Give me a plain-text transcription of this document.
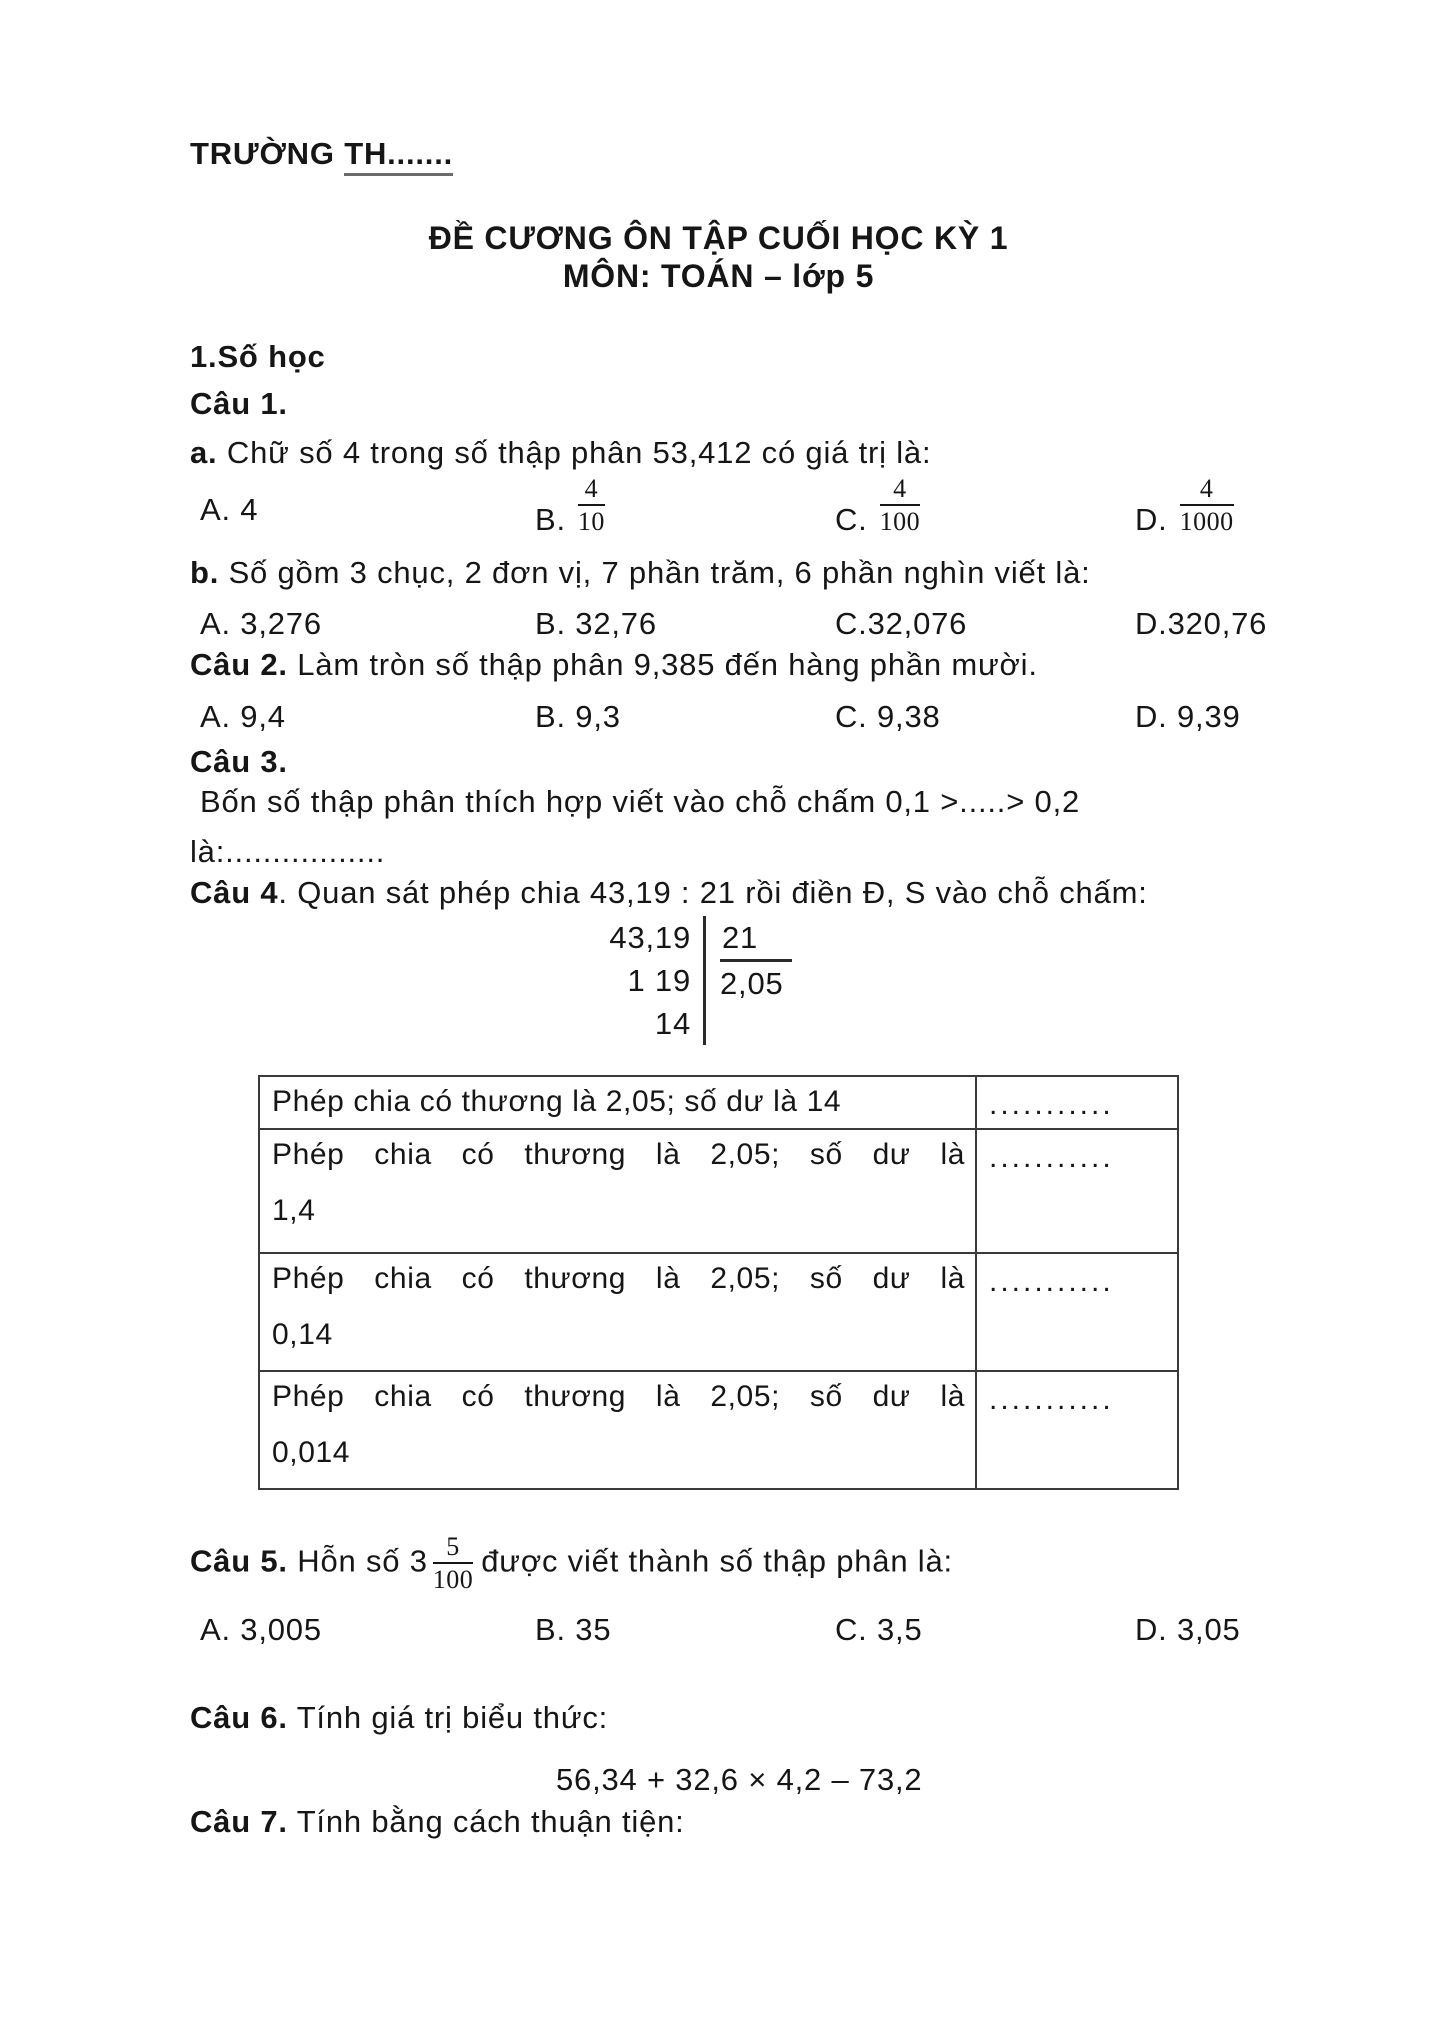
TRƯỜNG TH.......
ĐỀ CƯƠNG ÔN TẬP CUỐI HỌC KỲ 1
MÔN: TOÁN – lớp 5
1.Số học
Câu 1.
a. Chữ số 4 trong số thập phân 53,412 có giá trị là:
A. 4	B. $\frac{4}{10}$	C. $\frac{4}{100}$	D. $\frac{4}{1000}$
b. Số gồm 3 chục, 2 đơn vị, 7 phần trăm, 6 phần nghìn viết là:
A. 3,276	B. 32,76	C.32,076	D.320,76
Câu 2. Làm tròn số thập phân 9,385 đến hàng phần mười.
A. 9,4	B. 9,3	C. 9,38	D. 9,39
Câu 3.
Bốn số thập phân thích hợp viết vào chỗ chấm 0,1 >.....> 0,2
là:.................
Câu 4. Quan sát phép chia 43,19 : 21 rồi điền Đ, S vào chỗ chấm:
43,19
1 19
14
21
2,05
Phép chia có thương là 2,05; số dư là 14	...........

Phép chia có thương là 2,05; số dư là
1,4	...........

Phép chia có thương là 2,05; số dư là
0,14	...........

Phép chia có thương là 2,05; số dư là
0,014	...........
Câu 5. Hỗn số $3 \frac{5}{100}$ được viết thành số thập phân là:
A. 3,005	B. 35	C. 3,5	D. 3,05
Câu 6. Tính giá trị biểu thức:
56,34 + 32,6 × 4,2 – 73,2
Câu 7. Tính bằng cách thuận tiện:
